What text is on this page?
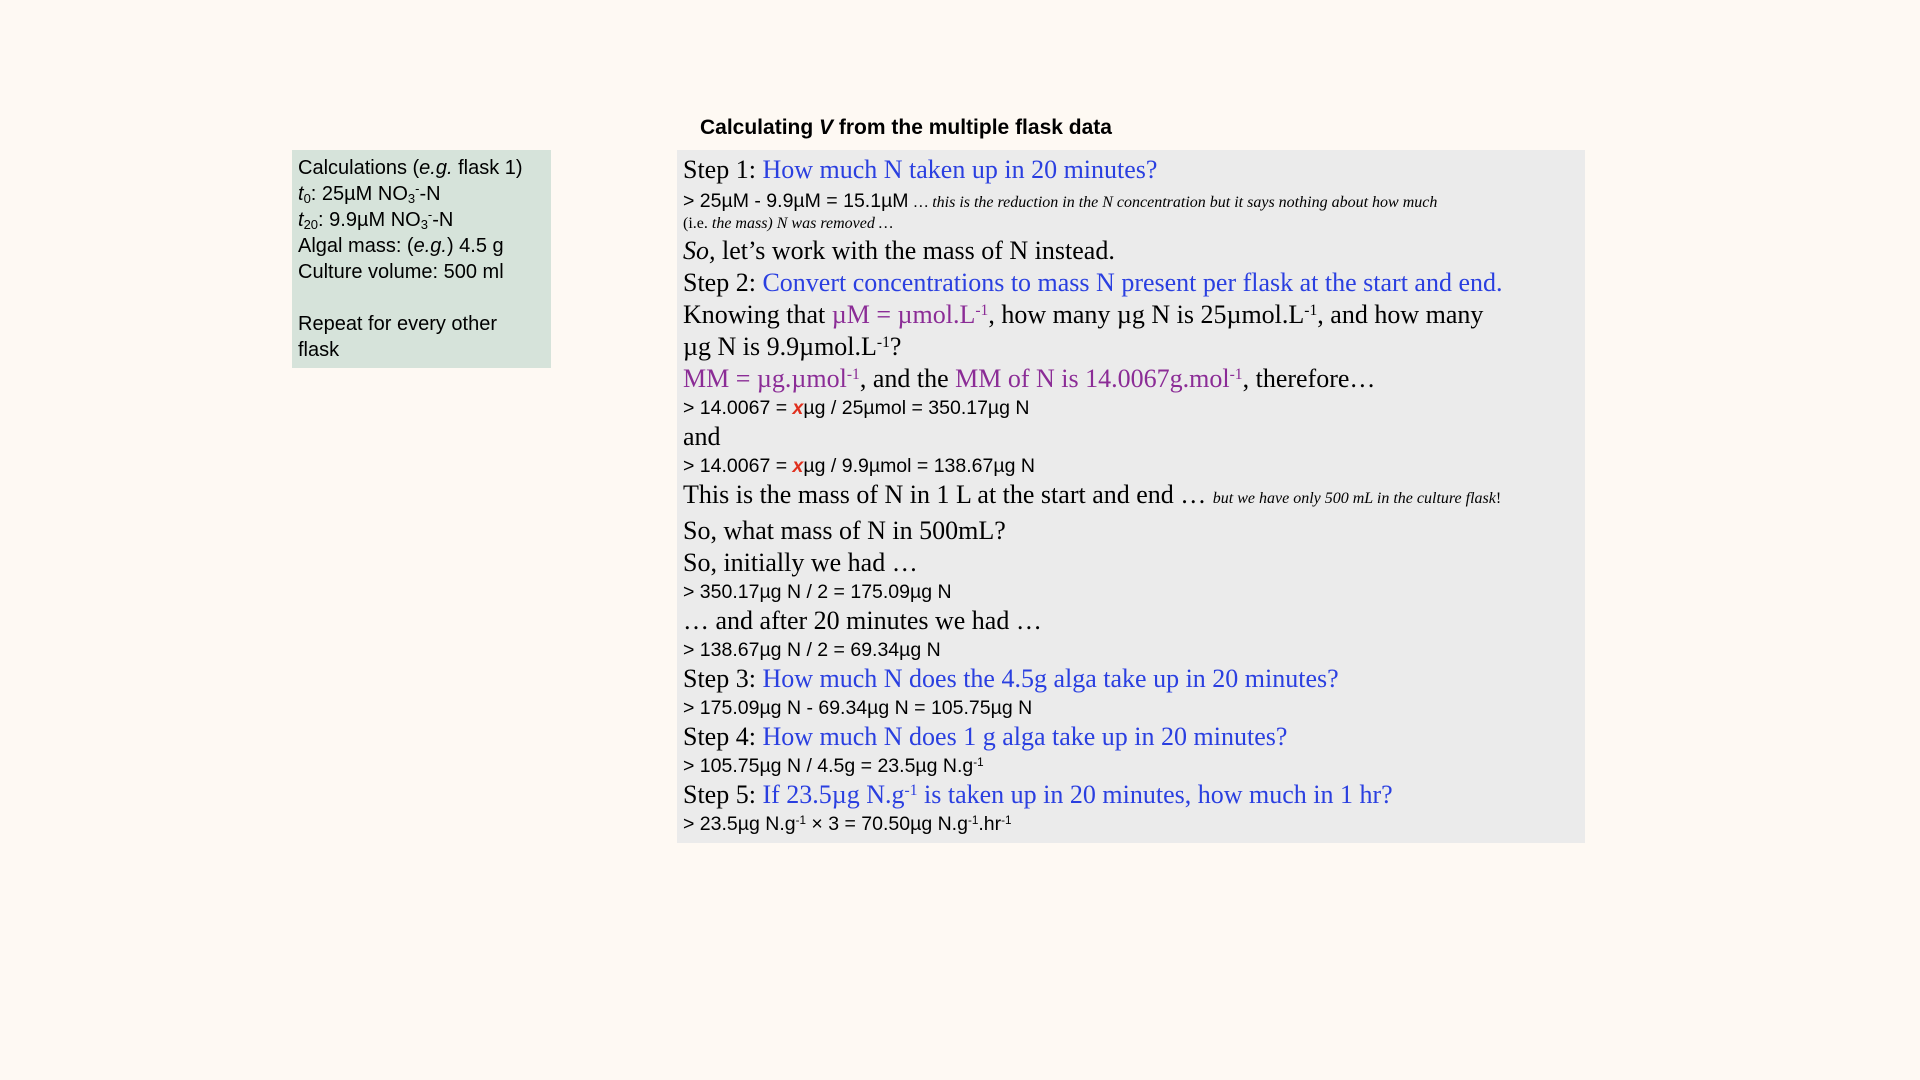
Calculating V from the multiple flask data
Calculations (e.g. flask 1)
$t_0$: 25µM $NO_3^--N$
$t_{20}$: 9.9µM $NO_3^--N$
Algal mass: (e.g.) 4.5 g
Culture volume: 500 ml
Repeat for every other
flask
Step 1: How much N taken up in 20 minutes?
> 25µM - 9.9µM = 15.1µM … this is the reduction in the N concentration but it says nothing about how much
(i.e. the mass) N was removed …
So, let’s work with the mass of N instead.
Step 2: Convert concentrations to mass N present per flask at the start and end.
Knowing that $\mu M = \mu mol.L^{-1}$, how many µg N is $25\mu mol.L^{-1}$, and how many
µg N is $9.9\mu mol.L^{-1}$?
MM = µg.µmol$^{-1}$, and the MM of N is 14.0067g.mol$^{-1}$, therefore…
> 14.0067 = xµg / 25µmol = 350.17µg N
and
> 14.0067 = xµg / 9.9µmol = 138.67µg N
This is the mass of N in 1 L at the start and end … but we have only 500 mL in the culture flask!
So, what mass of N in 500mL?
So, initially we had …
> 350.17µg N / 2 = 175.09µg N
… and after 20 minutes we had …
> 138.67µg N / 2 = 69.34µg N
Step 3: How much N does the 4.5g alga take up in 20 minutes?
> 175.09µg N - 69.34µg N = 105.75µg N
Step 4: How much N does 1 g alga take up in 20 minutes?
> 105.75µg N / 4.5g = 23.5µg $N.g^{-1}$
Step 5: If 23.5µg $N.g^{-1}$ is taken up in 20 minutes, how much in 1 hr?
> 23.5µg $N.g^{-1} \times 3 = 70.50\mu g$ $N.g^{-1}.hr^{-1}$
